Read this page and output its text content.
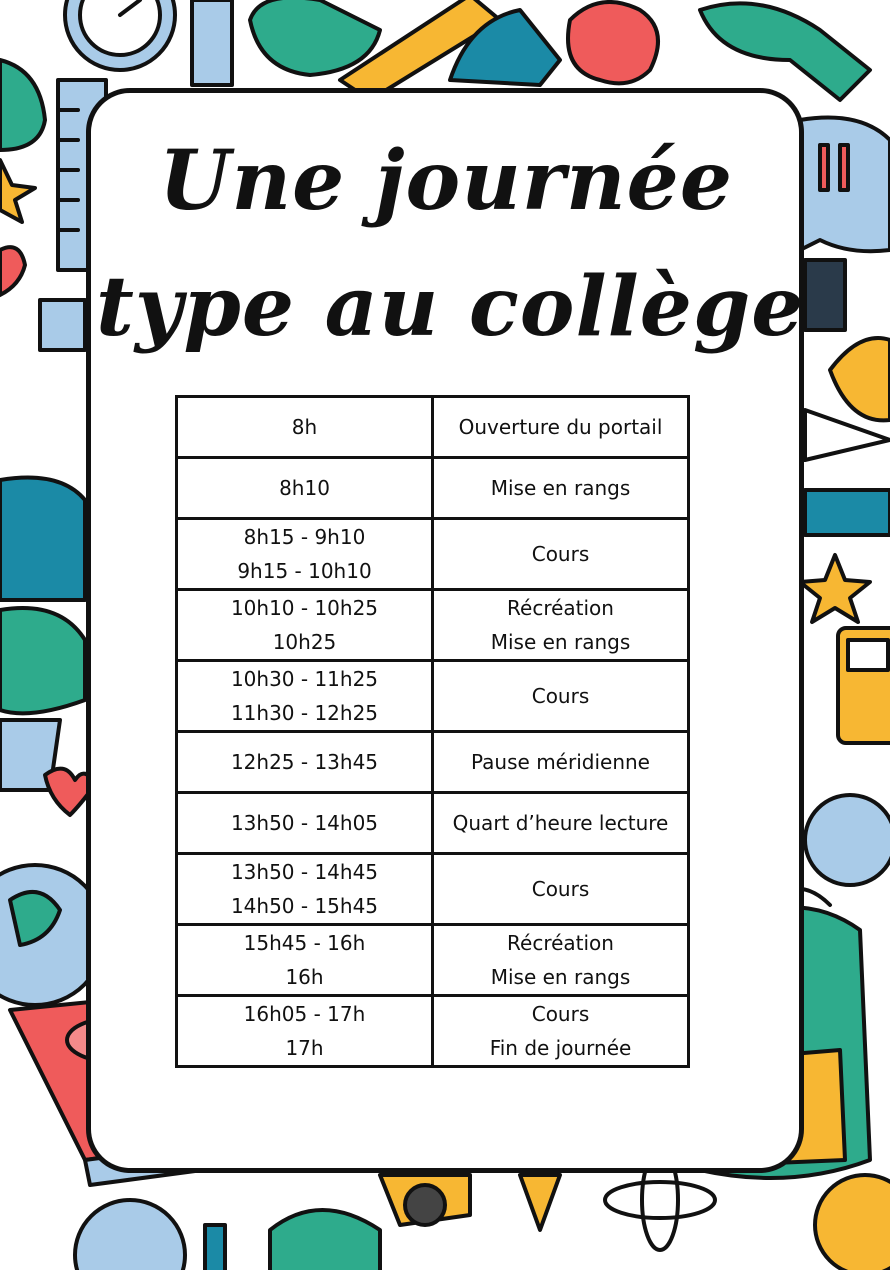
Une journée
type au collège
8h	Ouverture du portail

8h10	Mise en rangs

8h15 - 9h10
9h15 - 10h10	Cours

10h10 - 10h25
10h25	Récréation
Mise en rangs

10h30 - 11h25
11h30 - 12h25	Cours

12h25 - 13h45	Pause méridienne

13h50 - 14h05	Quart d’heure lecture

13h50 - 14h45
14h50 - 15h45	Cours

15h45 - 16h
16h	Récréation
Mise en rangs

16h05 - 17h
17h	Cours
Fin de journée
